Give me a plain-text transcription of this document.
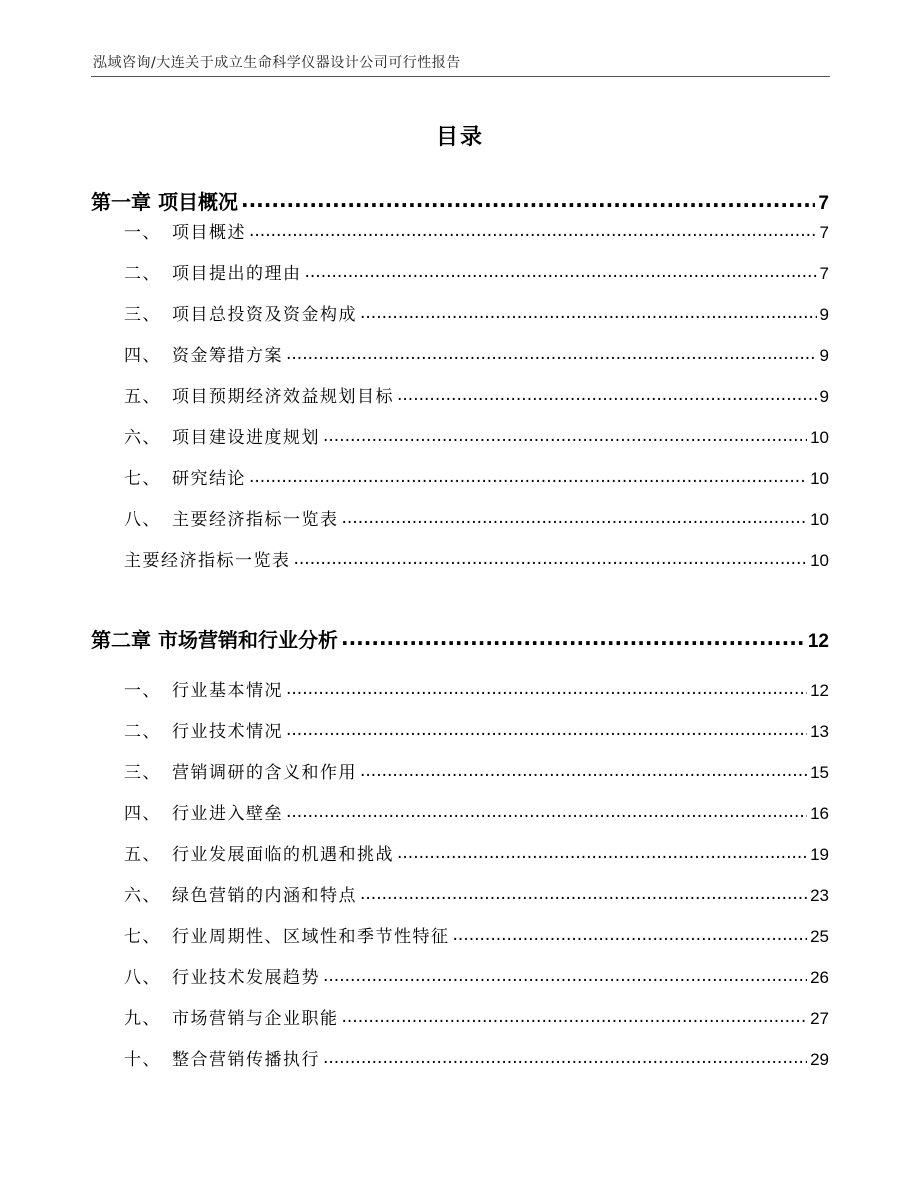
泓域咨询/大连关于成立生命科学仪器设计公司可行性报告
目录
第一章 项目概况 .....	7
一、 项目概述 .....	7
二、 项目提出的理由 .....	7
三、 项目总投资及资金构成 .....	9
四、 资金筹措方案 .....	9
五、 项目预期经济效益规划目标 .....	9
六、 项目建设进度规划 .....	10
七、 研究结论 .....	10
八、 主要经济指标一览表 .....	10
主要经济指标一览表 .....	10
第二章 市场营销和行业分析 .....	12
一、 行业基本情况 .....	12
二、 行业技术情况 .....	13
三、 营销调研的含义和作用 .....	15
四、 行业进入壁垒 .....	16
五、 行业发展面临的机遇和挑战 .....	19
六、 绿色营销的内涵和特点 .....	23
七、 行业周期性、区域性和季节性特征 .....	25
八、 行业技术发展趋势 .....	26
九、 市场营销与企业职能 .....	27
十、 整合营销传播执行 .....	29
